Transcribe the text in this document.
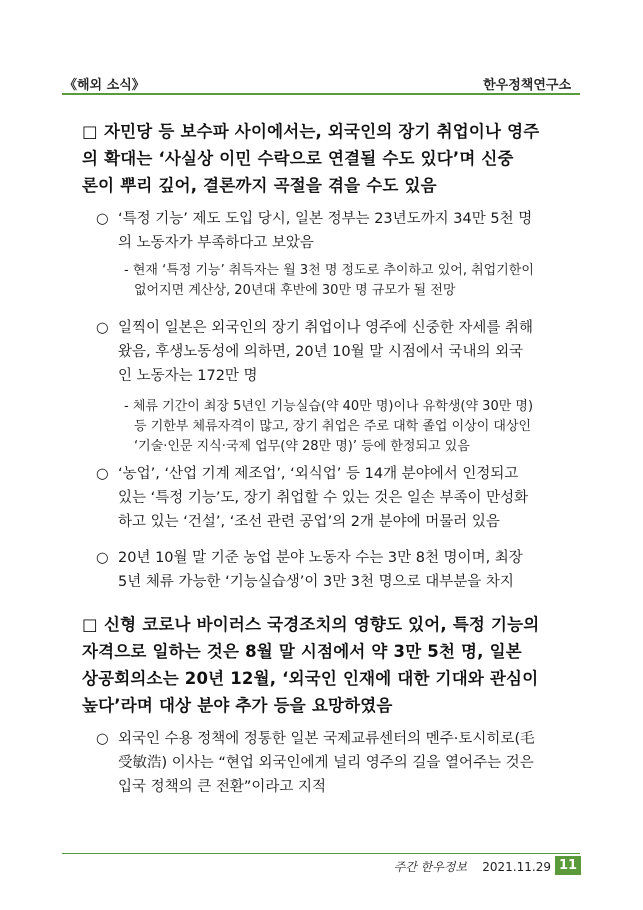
《해외 소식》	한우정책연구소
□ 자민당 등 보수파 사이에서는, 외국인의 장기 취업이나 영주
의 확대는 ‘사실상 이민 수락으로 연결될 수도 있다’며 신중
론이 뿌리 깊어, 결론까지 곡절을 겪을 수도 있음
○ ‘특정 기능’ 제도 도입 당시, 일본 정부는 23년도까지 34만 5천 명
의 노동자가 부족하다고 보았음
- 현재 ‘특정 기능’ 취득자는 월 3천 명 정도로 추이하고 있어, 취업기한이
없어지면 계산상, 20년대 후반에 30만 명 규모가 될 전망
○ 일찍이 일본은 외국인의 장기 취업이나 영주에 신중한 자세를 취해
왔음, 후생노동성에 의하면, 20년 10월 말 시점에서 국내의 외국
인 노동자는 172만 명
- 체류 기간이 최장 5년인 기능실습(약 40만 명)이나 유학생(약 30만 명)
등 기한부 체류자격이 많고, 장기 취업은 주로 대학 졸업 이상이 대상인
‘기술·인문 지식·국제 업무(약 28만 명)’ 등에 한정되고 있음
○ ‘농업’, ‘산업 기계 제조업’, ‘외식업’ 등 14개 분야에서 인정되고
있는 ‘특정 기능’도, 장기 취업할 수 있는 것은 일손 부족이 만성화
하고 있는 ‘건설’, ‘조선 관련 공업’의 2개 분야에 머물러 있음
○ 20년 10월 말 기준 농업 분야 노동자 수는 3만 8천 명이며, 최장
5년 체류 가능한 ‘기능실습생’이 3만 3천 명으로 대부분을 차지
□ 신형 코로나 바이러스 국경조치의 영향도 있어, 특정 기능의
자격으로 일하는 것은 8월 말 시점에서 약 3만 5천 명, 일본
상공회의소는 20년 12월, ‘외국인 인재에 대한 기대와 관심이
높다’라며 대상 분야 추가 등을 요망하였음
○ 외국인 수용 정책에 정통한 일본 국제교류센터의 멘주·토시히로(毛
受敏浩) 이사는 “현업 외국인에게 널리 영주의 길을 열어주는 것은
입국 정책의 큰 전환”이라고 지적
주간 한우정보 2021.11.29 11
